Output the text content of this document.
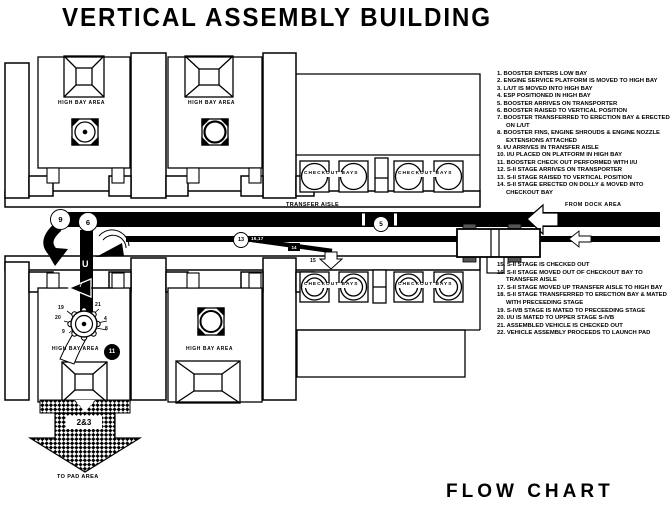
VERTICAL ASSEMBLY BUILDING
FLOW CHART
HIGH BAY AREA	HIGH BAY AREA
HIGH BAY AREA	HIGH BAY AREA
CHECKOUT BAYS	CHECKOUT BAYS
CHECKOUT BAYS	CHECKOUT BAYS
TRANSFER AISLE	FROM DOCK AREA
TO PAD AREA
9	6	5
13
7
17
16,17
14
15
U
11
19
20
9
21
4
8
2&3
1. BOOSTER ENTERS LOW BAY
2. ENGINE SERVICE PLATFORM IS MOVED TO HIGH BAY
3. L/UT IS MOVED INTO HIGH BAY
4. ESP POSITIONED IN HIGH BAY
5. BOOSTER ARRIVES ON TRANSPORTER
6. BOOSTER RAISED TO VERTICAL POSITION
7. BOOSTER TRANSFERRED TO ERECTION BAY & ERECTED ON L/UT
8. BOOSTER FINS, ENGINE SHROUDS & ENGINE NOZZLE EXTENSIONS ATTACHED
9. I/U ARRIVES IN TRANSFER AISLE
10. I/U PLACED ON PLATFORM IN HIGH BAY
11. BOOSTER CHECK OUT PERFORMED WITH I/U
12. S-II STAGE ARRIVES ON TRANSPORTER
13. S-II STAGE RAISED TO VERTICAL POSITION
14. S-II STAGE ERECTED ON DOLLY & MOVED INTO CHECKOUT BAY
15. S-II STAGE IS CHECKED OUT
16. S-II STAGE MOVED OUT OF CHECKOUT BAY TO TRANSFER AISLE
17. S-II STAGE MOVED UP TRANSFER AISLE TO HIGH BAY
18. S-II STAGE TRANSFERRED TO ERECTION BAY & MATED WITH PRECEEDING STAGE
19. S-IVB STAGE IS MATED TO PRECEEDING STAGE
20. I/U IS MATED TO UPPER STAGE S-IVB
21. ASSEMBLED VEHICLE IS CHECKED OUT
22. VEHICLE ASSEMBLY PROCEEDS TO LAUNCH PAD
